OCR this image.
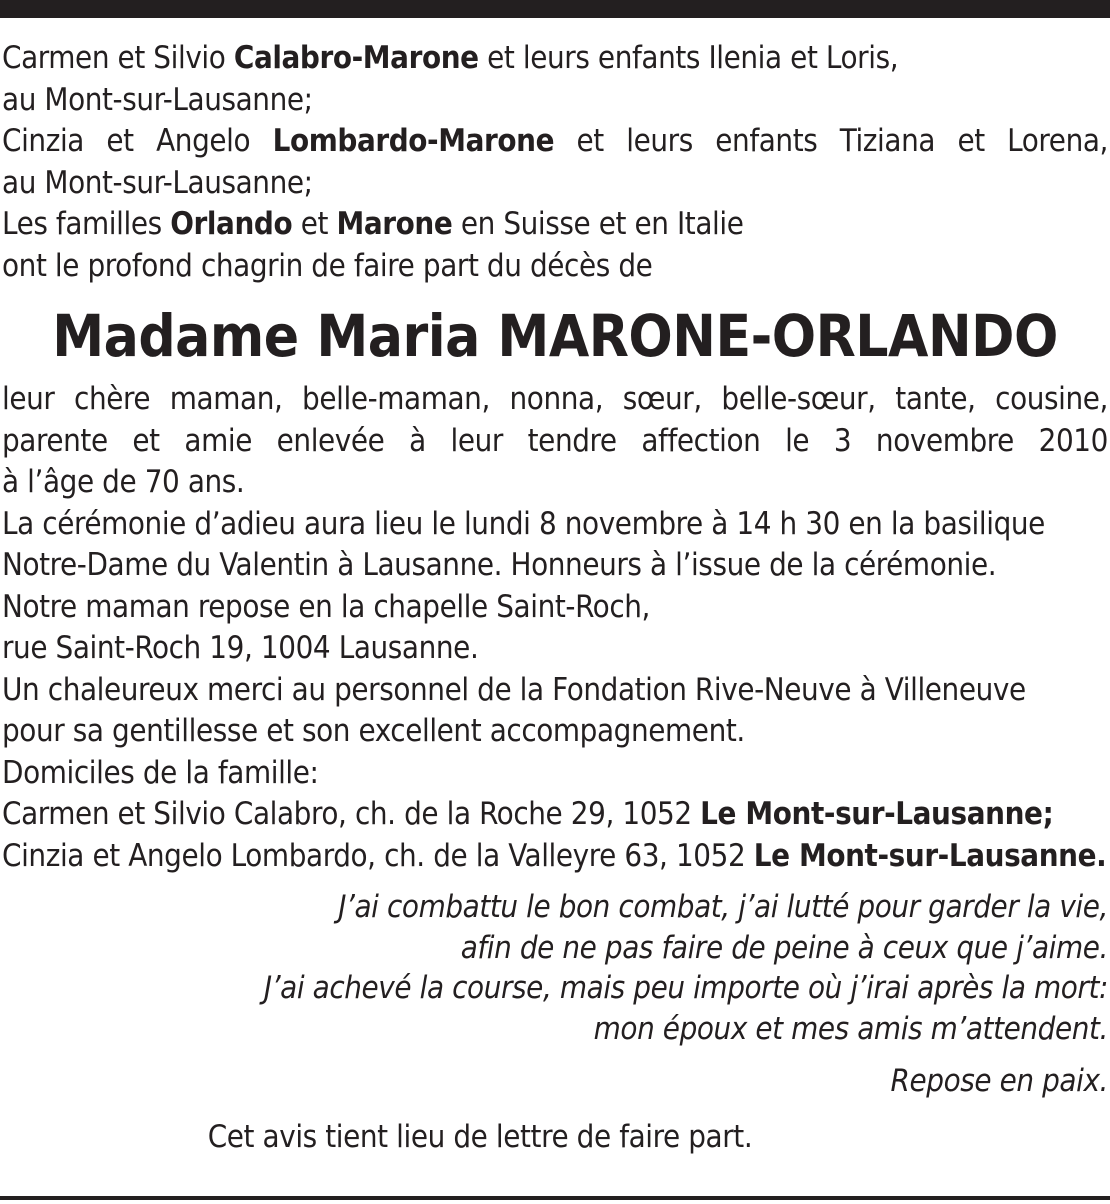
Carmen et Silvio Calabro-Marone et leurs enfants Ilenia et Loris,
au Mont-sur-Lausanne;
Cinzia et Angelo Lombardo-Marone et leurs enfants Tiziana et Lorena,
au Mont-sur-Lausanne;
Les familles Orlando et Marone en Suisse et en Italie
ont le profond chagrin de faire part du décès de
Madame Maria MARONE-ORLANDO
leur chère maman, belle-maman, nonna, sœur, belle-sœur, tante, cousine,
parente et amie enlevée à leur tendre affection le 3 novembre 2010
à l’âge de 70 ans.
La cérémonie d’adieu aura lieu le lundi 8 novembre à 14 h 30 en la basilique
Notre-Dame du Valentin à Lausanne. Honneurs à l’issue de la cérémonie.
Notre maman repose en la chapelle Saint-Roch,
rue Saint-Roch 19, 1004 Lausanne.
Un chaleureux merci au personnel de la Fondation Rive-Neuve à Villeneuve
pour sa gentillesse et son excellent accompagnement.
Domiciles de la famille:
Carmen et Silvio Calabro, ch. de la Roche 29, 1052 Le Mont-sur-Lausanne;
Cinzia et Angelo Lombardo, ch. de la Valleyre 63, 1052 Le Mont-sur-Lausanne.
J’ai combattu le bon combat, j’ai lutté pour garder la vie,
afin de ne pas faire de peine à ceux que j’aime.
J’ai achevé la course, mais peu importe où j’irai après la mort:
mon époux et mes amis m’attendent.
Repose en paix.
Cet avis tient lieu de lettre de faire part.
